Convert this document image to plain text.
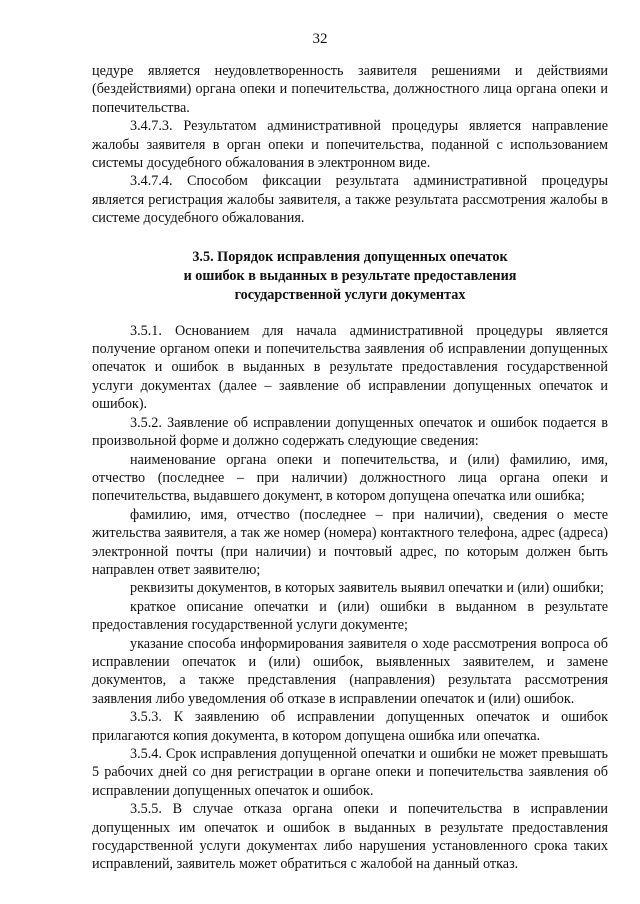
32

цедуре является неудовлетворенность заявителя решениями и действиями (бездействиями) органа опеки и попечительства, должностного лица органа опеки и попечительства.

3.4.7.3. Результатом административной процедуры является направление жалобы заявителя в орган опеки и попечительства, поданной с использованием системы досудебного обжалования в электронном виде.

3.4.7.4. Способом фиксации результата административной процедуры является регистрация жалобы заявителя, а также результата рассмотрения жалобы в системе досудебного обжалования.

3.5. Порядок исправления допущенных опечаток
и ошибок в выданных в результате предоставления
государственной услуги документах

3.5.1. Основанием для начала административной процедуры является получение органом опеки и попечительства заявления об исправлении допущенных опечаток и ошибок в выданных в результате предоставления государственной услуги документах (далее – заявление об исправлении допущенных опечаток и ошибок).

3.5.2. Заявление об исправлении допущенных опечаток и ошибок подается в произвольной форме и должно содержать следующие сведения:

наименование органа опеки и попечительства, и (или) фамилию, имя, отчество (последнее – при наличии) должностного лица органа опеки и попечительства, выдавшего документ, в котором допущена опечатка или ошибка;

фамилию, имя, отчество (последнее – при наличии), сведения о месте жительства заявителя, а так же номер (номера) контактного телефона, адрес (адреса) электронной почты (при наличии) и почтовый адрес, по которым должен быть направлен ответ заявителю;

реквизиты документов, в которых заявитель выявил опечатки и (или) ошибки;

краткое описание опечатки и (или) ошибки в выданном в результате предоставления государственной услуги документе;

указание способа информирования заявителя о ходе рассмотрения вопроса об исправлении опечаток и (или) ошибок, выявленных заявителем, и замене документов, а также представления (направления) результата рассмотрения заявления либо уведомления об отказе в исправлении опечаток и (или) ошибок.

3.5.3. К заявлению об исправлении допущенных опечаток и ошибок прилагаются копия документа, в котором допущена ошибка или опечатка.

3.5.4. Срок исправления допущенной опечатки и ошибки не может превышать 5 рабочих дней со дня регистрации в органе опеки и попечительства заявления об исправлении допущенных опечаток и ошибок.

3.5.5. В случае отказа органа опеки и попечительства в исправлении допущенных им опечаток и ошибок в выданных в результате предоставления государственной услуги документах либо нарушения установленного срока таких исправлений, заявитель может обратиться с жалобой на данный отказ.
